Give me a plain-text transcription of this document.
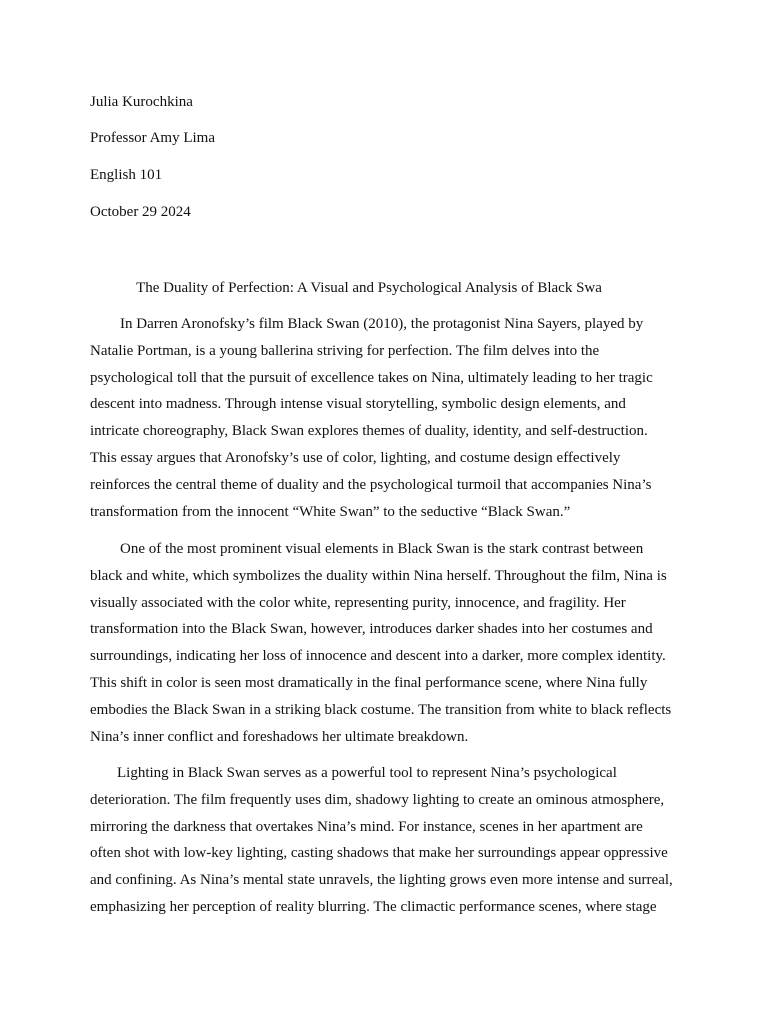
Julia Kurochkina

Professor Amy Lima

English 101

October 29 2024

The Duality of Perfection: A Visual and Psychological Analysis of Black Swa

In Darren Aronofsky’s film Black Swan (2010), the protagonist Nina Sayers, played by
Natalie Portman, is a young ballerina striving for perfection. The film delves into the
psychological toll that the pursuit of excellence takes on Nina, ultimately leading to her tragic
descent into madness. Through intense visual storytelling, symbolic design elements, and
intricate choreography, Black Swan explores themes of duality, identity, and self-destruction.
This essay argues that Aronofsky’s use of color, lighting, and costume design effectively
reinforces the central theme of duality and the psychological turmoil that accompanies Nina’s
transformation from the innocent “White Swan” to the seductive “Black Swan.”
One of the most prominent visual elements in Black Swan is the stark contrast between
black and white, which symbolizes the duality within Nina herself. Throughout the film, Nina is
visually associated with the color white, representing purity, innocence, and fragility. Her
transformation into the Black Swan, however, introduces darker shades into her costumes and
surroundings, indicating her loss of innocence and descent into a darker, more complex identity.
This shift in color is seen most dramatically in the final performance scene, where Nina fully
embodies the Black Swan in a striking black costume. The transition from white to black reflects
Nina’s inner conflict and foreshadows her ultimate breakdown.
Lighting in Black Swan serves as a powerful tool to represent Nina’s psychological
deterioration. The film frequently uses dim, shadowy lighting to create an ominous atmosphere,
mirroring the darkness that overtakes Nina’s mind. For instance, scenes in her apartment are
often shot with low-key lighting, casting shadows that make her surroundings appear oppressive
and confining. As Nina’s mental state unravels, the lighting grows even more intense and surreal,
emphasizing her perception of reality blurring. The climactic performance scenes, where stage
